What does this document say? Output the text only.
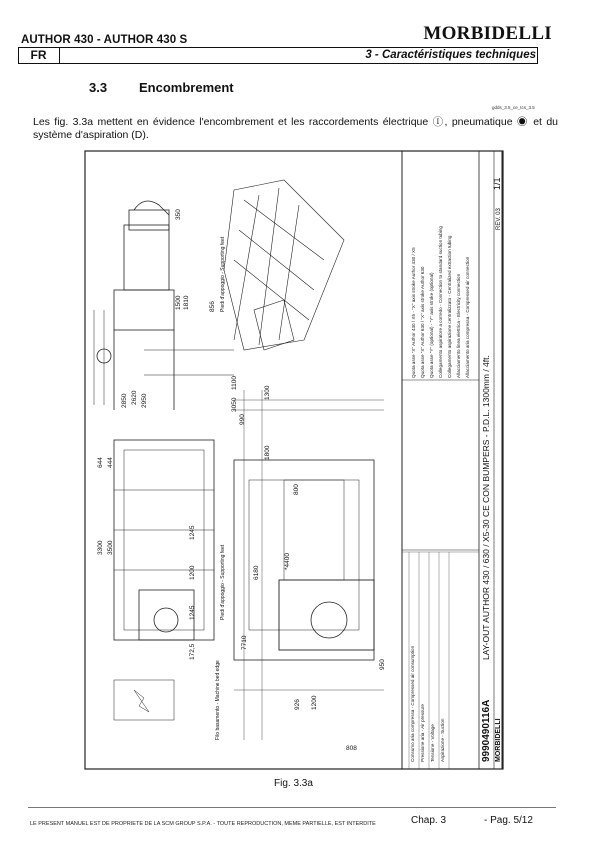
AUTHOR 430 - AUTHOR 430 S	MORBIDELLI
FR	3 - Caractéristiques techniques
3.3 Encombrement
gdds_3.5_ce_tcs_3.5
Les fig. 3.3a mettent en évidence l'encombrement et les raccordements électrique Ⓘ, pneumatique ◉ et du système d'aspiration (D).
9990490116A
LAY-OUT AUTHOR 430 / 630 / X5-30 CE CON BUMPERS - P.D.L. 1300mm / 4ft.
MORBIDELLI
1/1
REV. 03
Allacciamento aria compressa - Compressed air connection
Allacciamento linea elettrica - Electricity connection
Collegamento aspirazione centralizzato - Centralized extraction tubing
Collegamento aspiratore a corredo - Connection to standard suction tubing
Quota asse "Y" (optional) - "Y" axis stroke (optional)
Quota asse "X" Author 630 / "X" axis stroke Author 630
Quota asse "X" Author 430 / X5 - "X" axis stroke Author 430 / X5
Consumo aria compressa - Compressed air consumption Pressione aria - Air pressure Tensione - Voltage Aspirazione - Suction
2850 2620 2950
1500 1810
350
856 Piedi d'appoggio - Supporting feet
3050
1100
990
1800
1300
800
6180
*4400
7710
172,5
1245
1200
1245
926 1200
950
808
3300 3500
644 444
Piedi d'appoggio - Supporting feet
Filo basamento - Machine bed edge
Fig. 3.3a
LE PRESENT MANUEL EST DE PROPRIETE DE LA SCM GROUP S.P.A. - TOUTE REPRODUCTION, MEME PARTIELLE, EST INTERDITE	Chap. 3	- Pag. 5/12
